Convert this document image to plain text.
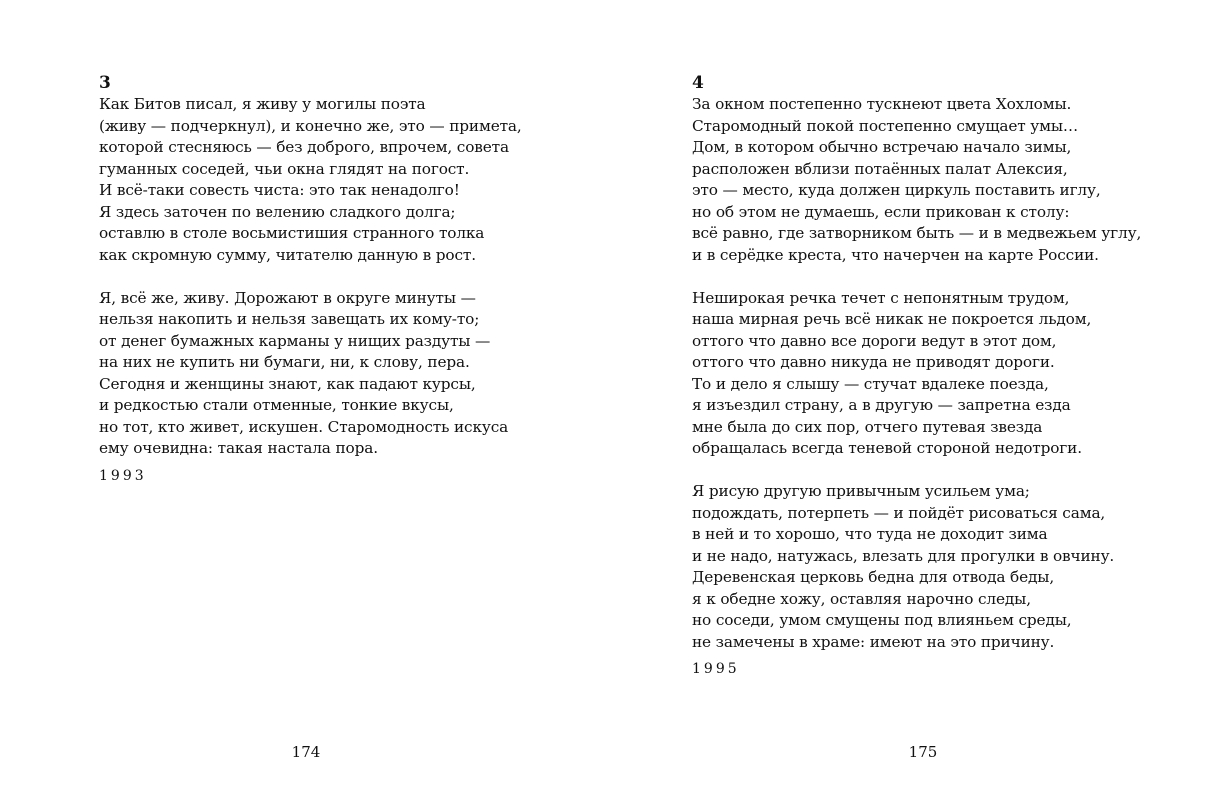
3
Как Битов писал, я живу у могилы поэта
(живу — подчеркнул), и конечно же, это — примета,
которой стесняюсь — без доброго, впрочем, совета
гуманных соседей, чьи окна глядят на погост.
И всё-таки совесть чиста: это так ненадолго!
Я здесь заточен по велению сладкого долга;
оставлю в столе восьмистишия странного толка
как скромную сумму, читателю данную в рост.
Я, всё же, живу. Дорожают в округе минуты —
нельзя накопить и нельзя завещать их кому-то;
от денег бумажных карманы у нищих раздуты —
на них не купить ни бумаги, ни, к слову, пера.
Сегодня и женщины знают, как падают курсы,
и редкостью стали отменные, тонкие вкусы,
но тот, кто живет, искушен. Старомодность искуса
ему очевидна: такая настала пора.
1993
174
4
За окном постепенно тускнеют цвета Хохломы.
Старомодный покой постепенно смущает умы…
Дом, в котором обычно встречаю начало зимы,
расположен вблизи потаённых палат Алексия,
это — место, куда должен циркуль поставить иглу,
но об этом не думаешь, если прикован к столу:
всё равно, где затворником быть — и в медвежьем углу,
и в серёдке креста, что начерчен на карте России.
Неширокая речка течет с непонятным трудом,
наша мирная речь всё никак не покроется льдом,
оттого что давно все дороги ведут в этот дом,
оттого что давно никуда не приводят дороги.
То и дело я слышу — стучат вдалеке поезда,
я изъездил страну, а в другую — запретна езда
мне была до сих пор, отчего путевая звезда
обращалась всегда теневой стороной недотроги.
Я рисую другую привычным усильем ума;
подождать, потерпеть — и пойдёт рисоваться сама,
в ней и то хорошо, что туда не доходит зима
и не надо, натужась, влезать для прогулки в овчину.
Деревенская церковь бедна для отвода беды,
я к обедне хожу, оставляя нарочно следы,
но соседи, умом смущены под влияньем среды,
не замечены в храме: имеют на это причину.
1995
175
